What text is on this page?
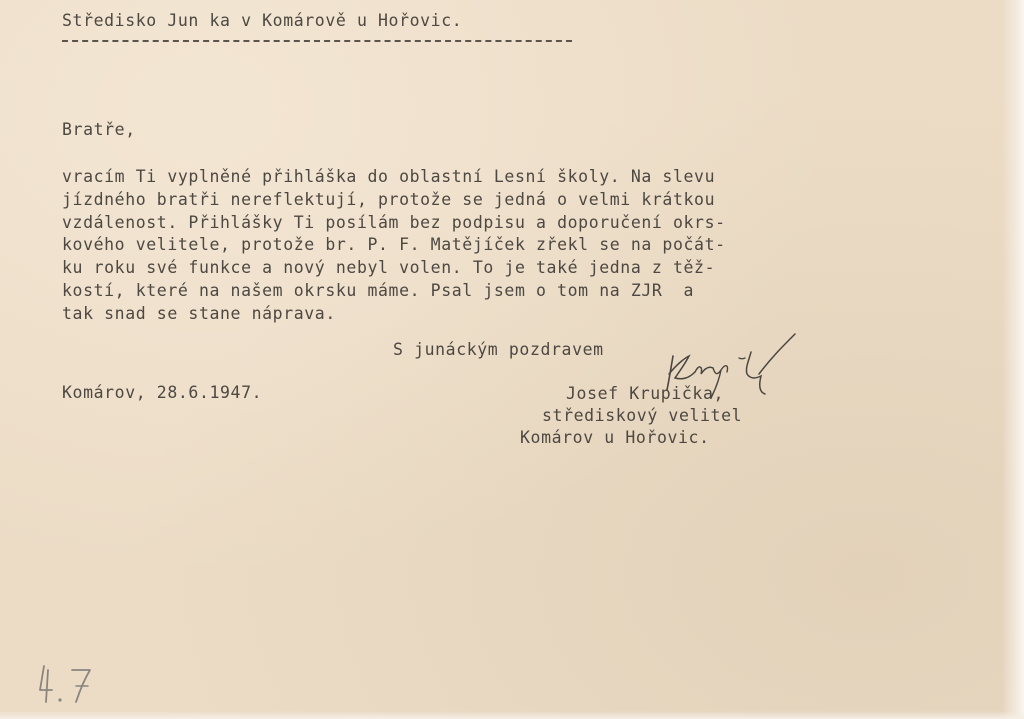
Středisko Jun ka v Komárově u Hořovic.
Bratře,
vracím Ti vyplněné přihláška do oblastní Lesní školy. Na slevu
jízdného bratři nereflektují, protože se jedná o velmi krátkou
vzdálenost. Přihlášky Ti posílám bez podpisu a doporučení okrs-
kového velitele, protože br. P. F. Matějíček zřekl se na počát-
ku roku své funkce a nový nebyl volen. To je také jedna z těž-
kostí, které na našem okrsku máme. Psal jsem o tom na ZJR  a
tak snad se stane náprava.
S junáckým pozdravem
Komárov, 28.6.1947.	Josef Krupička,
střediskový velitel
Komárov u Hořovic.
